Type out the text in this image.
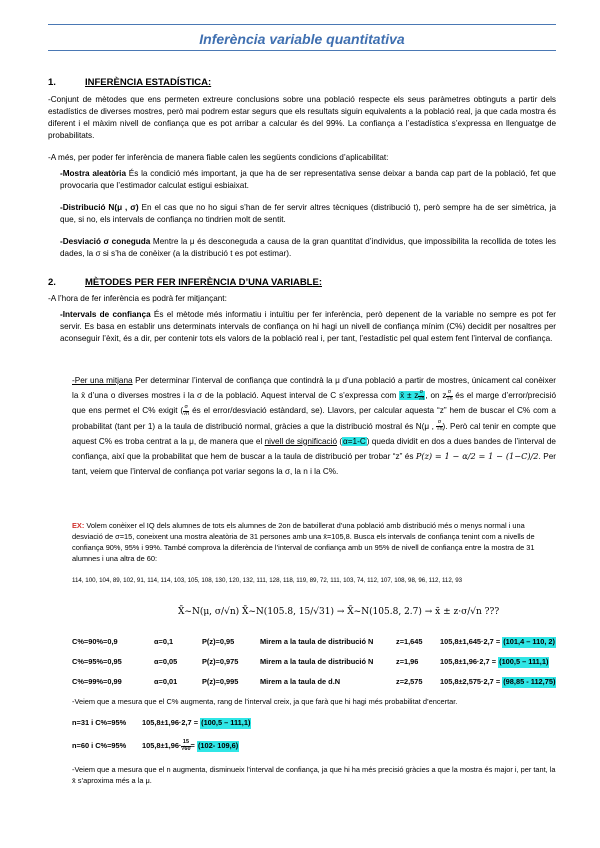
Inferència variable quantitativa
1.	INFERÈNCIA ESTADÍSTICA:
-Conjunt de mètodes que ens permeten extreure conclusions sobre una població respecte els seus paràmetres obtinguts a partir dels estadístics de diverses mostres, però mai podrem estar segurs que els resultats siguin equivalents a la població real, ja que cada mostra és diferent i el màxim nivell de confiança que es pot arribar a calcular és del 99%. La confiança a l’estadística s’expressa en llenguatge de probabilitats.
-A més, per poder fer inferència de manera fiable calen les següents condicions d’aplicabilitat:
-Mostra aleatòria És la condició més important, ja que ha de ser representativa sense deixar a banda cap part de la població, fet que provocaria que l’estimador calculat estigui esbiaixat.
-Distribució N(μ , σ) En el cas que no ho sigui s’han de fer servir altres tècniques (distribució t), però sempre ha de ser simètrica, ja que, si no, els intervals de confiança no tindrien molt de sentit.
-Desviació σ coneguda Mentre la μ és desconeguda a causa de la gran quantitat d’individus, que impossibilita la recollida de totes les dades, la σ si s’ha de conèixer (a la distribució t es pot estimar).
2.	MÈTODES PER FER INFERÈNCIA D’UNA VARIABLE:
-A l’hora de fer inferència es podrà fer mitjançant:
-Intervals de confiança És el mètode més informatiu i intuïtiu per fer inferència, però depenent de la variable no sempre es pot fer servir. Es basa en establir uns determinats intervals de confiança on hi hagi un nivell de confiança mínim (C%) decidit per nosaltres per aconseguir l’èxit, és a dir, per contenir tots els valors de la població real i, per tant, l’estadístic pel qual estem fent l’interval de confiança.
-Per una mitjana Per determinar l’interval de confiança que contindrà la μ d’una població a partir de mostres, únicament cal conèixer la x̄ d’una o diverses mostres i la σ de la població. Aquest interval de C s’expressa com x̄ ± z $\frac{\sigma}{√n}$ , on z $\frac{\sigma}{√n}$ és el marge d’error/precisió que ens permet el C% exigit ( $\frac{\sigma}{√n}$ és el error/desviació estàndard, se). Llavors, per calcular aquesta “z” hem de buscar el C% com a probabilitat (tant per 1) a la taula de distribució normal, gràcies a que la distribució mostral és N(μ , $\frac{\sigma}{√n}$ ). Però cal tenir en compte que aquest C% es troba centrat a la μ, de manera que el nivell de significació (α=1-C) queda dividit en dos a dues bandes de l’interval de confiança, així que la probabilitat que hem de buscar a la taula de distribució per trobar “z” és P(z) = 1 − α/2 = 1 − (1−C)/2. Per tant, veiem que l’interval de confiança pot variar segons la σ, la n i la C%.
EX: Volem conèixer el IQ dels alumnes de tots els alumnes de 2on de batxillerat d’una població amb distribució més o menys normal i una desviació de σ=15, coneixent una mostra aleatòria de 31 persones amb una x̄=105,8. Busca els intervals de confiança tenint com a nivells de confiança 90%, 95% i 99%. També comprova la diferència de l’interval de confiança amb un 95% de nivell de confiança entre la mostra de 31 alumnes i una altra de 60:
114, 100, 104, 89, 102, 91, 114, 114, 103, 105, 108, 130, 120, 132, 111, 128, 118, 119, 89, 72, 111, 103, 74, 112, 107, 108, 98, 96, 112, 112, 93
X̄~N(μ, σ/√n) X̄~N(105.8, 15/√31) → X̄~N(105.8, 2.7) → x̄ ± z·σ/√n ???
C%=90%=0,9	α=0,1	P(z)=0,95	Mirem a la taula de distribució N	z=1,645 105,8±1,645·2,7 = (101,4 – 110, 2)
C%=95%=0,95	α=0,05	P(z)=0,975	Mirem a la taula de distribució N	z=1,96	105,8±1,96·2,7 = (100,5 – 111,1)
C%=99%=0,99	α=0,01	P(z)=0,995	Mirem a la taula de d.N	z=2,575 105,8±2,575·2,7 = (98,85 - 112,75)
-Veiem que a mesura que el C% augmenta, rang de l’interval creix, ja que farà que hi hagi més probabilitat d’encertar.
n=31 i C%=95% 105,8±1,96·2,7 = (100,5 – 111,1)
n=60 i C%=95% $105,8\pm 1,96\cdot \frac{15}{√60} = (102-$ 109,6)
-Veiem que a mesura que el n augmenta, disminueix l’interval de confiança, ja que hi ha més precisió gràcies a que la mostra és major i, per tant, la x̄ s’aproxima més a la μ.
